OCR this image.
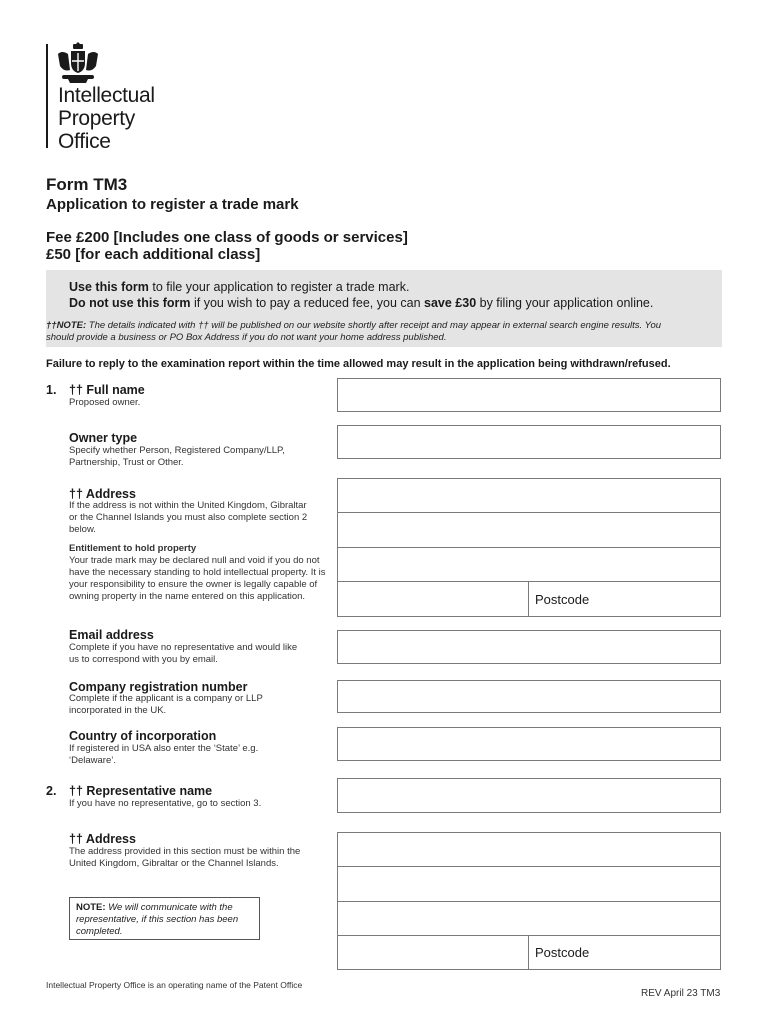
Intellectual
Property
Office
Form TM3
Application to register a trade mark
Fee £200 [Includes one class of goods or services]
£50 [for each additional class]
Use this form to file your application to register a trade mark.
Do not use this form if you wish to pay a reduced fee, you can save £30 by filing your application online.
††NOTE: The details indicated with †† will be published on our website shortly after receipt and may appear in external search engine results. You
should provide a business or PO Box Address if you do not want your home address published.
Failure to reply to the examination report within the time allowed may result in the application being withdrawn/refused.
1. †† Full name
Proposed owner.
Owner type
Specify whether Person, Registered Company/LLP, Partnership, Trust or Other.
†† Address
If the address is not within the United Kingdom, Gibraltar or the Channel Islands you must also complete section 2 below.
Entitlement to hold property
Your trade mark may be declared null and void if you do not have the necessary standing to hold intellectual property. It is your responsibility to ensure the owner is legally capable of owning property in the name entered on this application.	Postcode
Email address
Complete if you have no representative and would like us to correspond with you by email.
Company registration number
Complete if the applicant is a company or LLP incorporated in the UK.
Country of incorporation
If registered in USA also enter the ‘State’ e.g. ‘Delaware’.
2. †† Representative name
If you have no representative, go to section 3.
†† Address
The address provided in this section must be within the United Kingdom, Gibraltar or the Channel Islands.
NOTE: We will communicate with the representative, if this section has been completed.
Postcode
Intellectual Property Office is an operating name of the Patent Office
REV April 23 TM3
